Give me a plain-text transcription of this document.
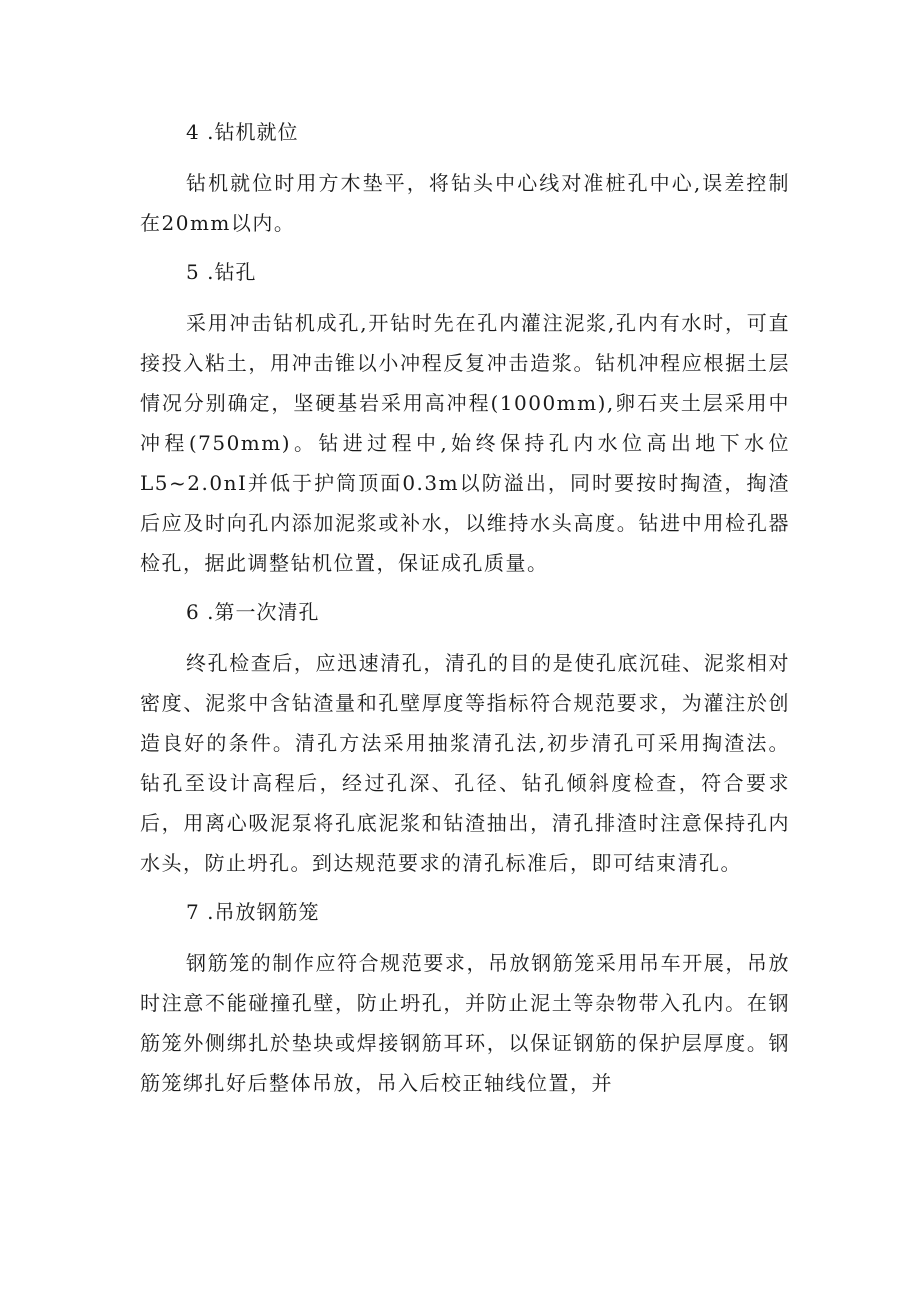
4 .钻机就位

钻机就位时用方木垫平，将钻头中心线对准桩孔中心,误差控制在20mm以内。

5 .钻孔

采用冲击钻机成孔,开钻时先在孔内灌注泥浆,孔内有水时，可直接投入粘土，用冲击锥以小冲程反复冲击造浆。钻机冲程应根据土层情况分别确定，坚硬基岩采用高冲程(1000mm),卵石夹土层采用中冲程(750mm)。钻进过程中,始终保持孔内水位高出地下水位L5~2.0nI并低于护筒顶面0.3m以防溢出，同时要按时掏渣，掏渣后应及时向孔内添加泥浆或补水，以维持水头高度。钻进中用检孔器检孔，据此调整钻机位置，保证成孔质量。

6 .第一次清孔

终孔检查后，应迅速清孔，清孔的目的是使孔底沉硅、泥浆相对密度、泥浆中含钻渣量和孔壁厚度等指标符合规范要求，为灌注於创造良好的条件。清孔方法采用抽浆清孔法,初步清孔可采用掏渣法。钻孔至设计高程后，经过孔深、孔径、钻孔倾斜度检查，符合要求后，用离心吸泥泵将孔底泥浆和钻渣抽出，清孔排渣时注意保持孔内水头，防止坍孔。到达规范要求的清孔标准后，即可结束清孔。

7 .吊放钢筋笼

钢筋笼的制作应符合规范要求，吊放钢筋笼采用吊车开展，吊放时注意不能碰撞孔壁，防止坍孔，并防止泥土等杂物带入孔内。在钢筋笼外侧绑扎於垫块或焊接钢筋耳环，以保证钢筋的保护层厚度。钢筋笼绑扎好后整体吊放，吊入后校正轴线位置，并
